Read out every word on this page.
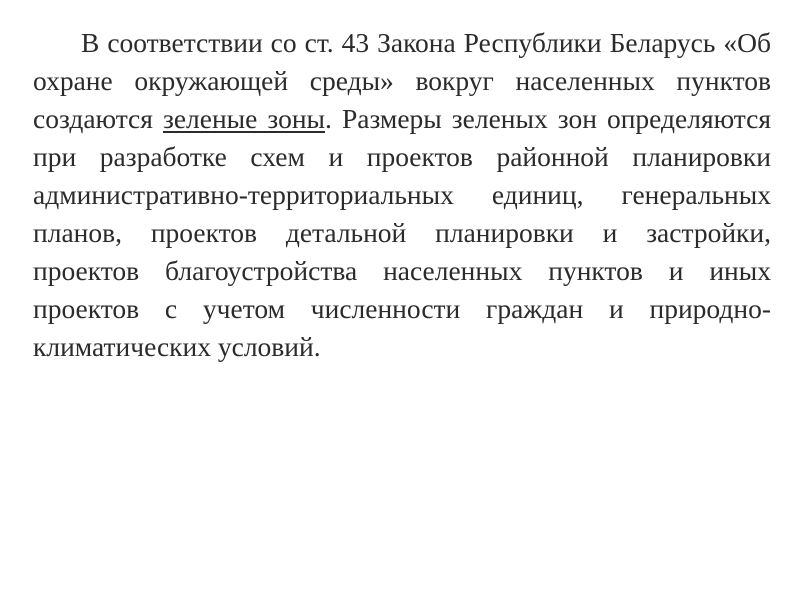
В соответствии со ст. 43 Закона Республики Беларусь «Об охране окружающей среды» вокруг населенных пунктов создаются зеленые зоны. Размеры зеленых зон определяются при разработке схем и проектов районной планировки административно-территориальных единиц, генеральных планов, проектов детальной планировки и застройки, проектов благоустройства населенных пунктов и иных проектов с учетом численности граждан и природно-климатических условий.
